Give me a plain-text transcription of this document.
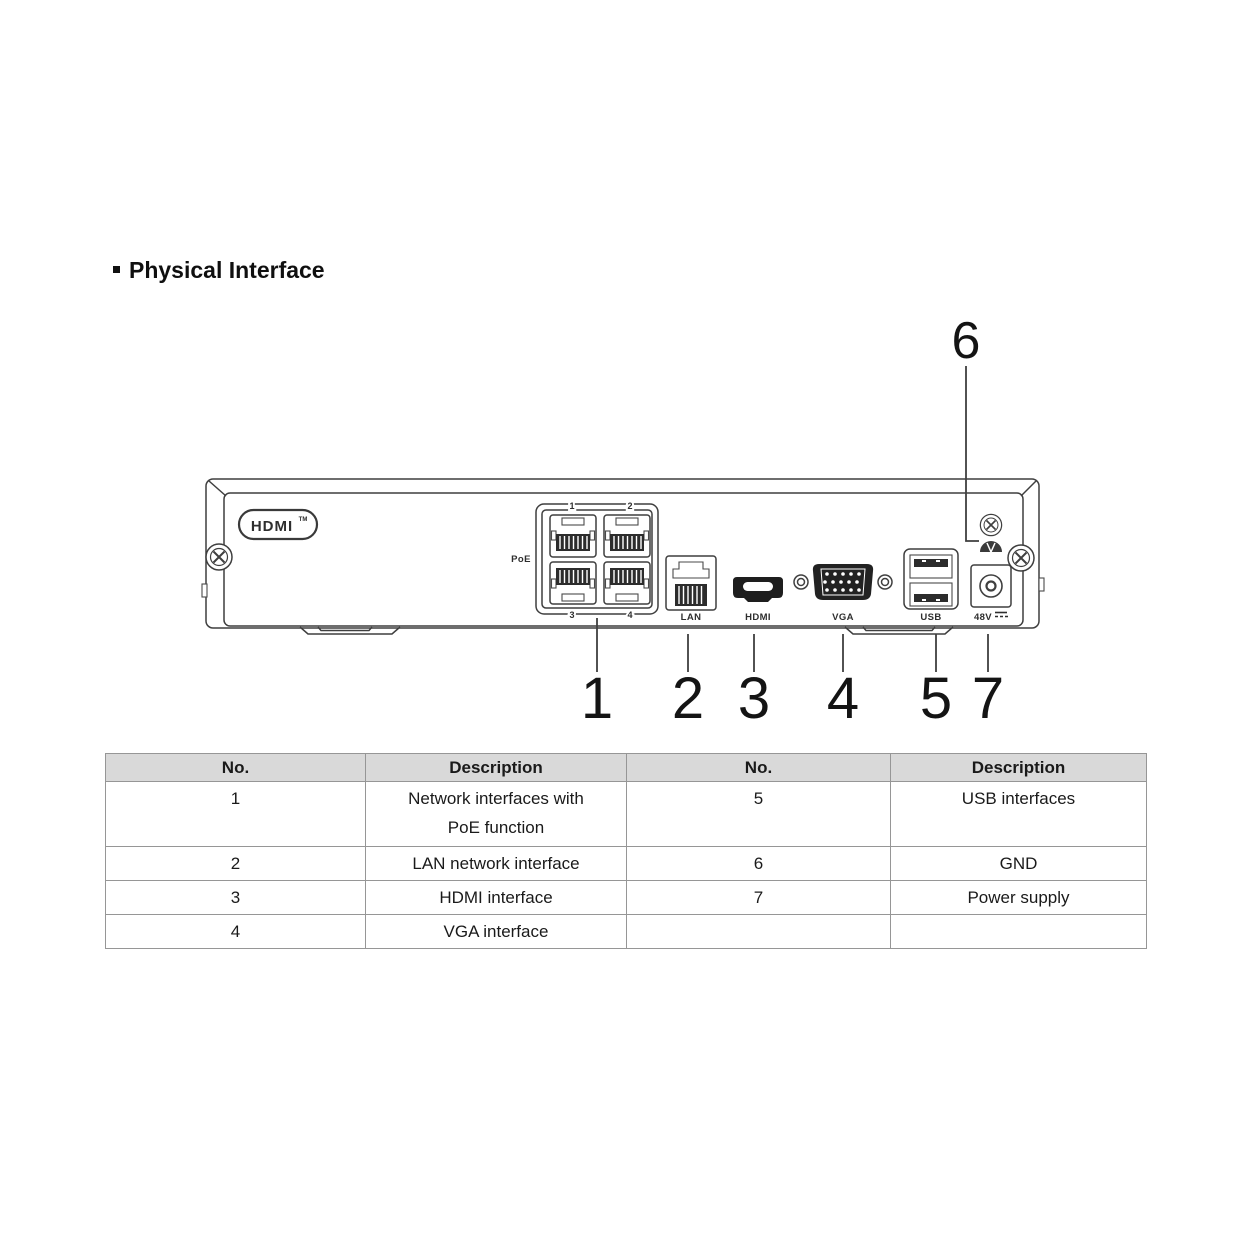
Physical Interface
HDMI TM
PoE
1	2
3	4	LAN	HDMI	VGA	USB	48V
6
1 2 3 4 5 7
No.	Description	No.	Description
1	Network interfaces with PoE function	5	USB interfaces
2	LAN network interface	6	GND
3	HDMI interface	7	Power supply
4	VGA interface		
